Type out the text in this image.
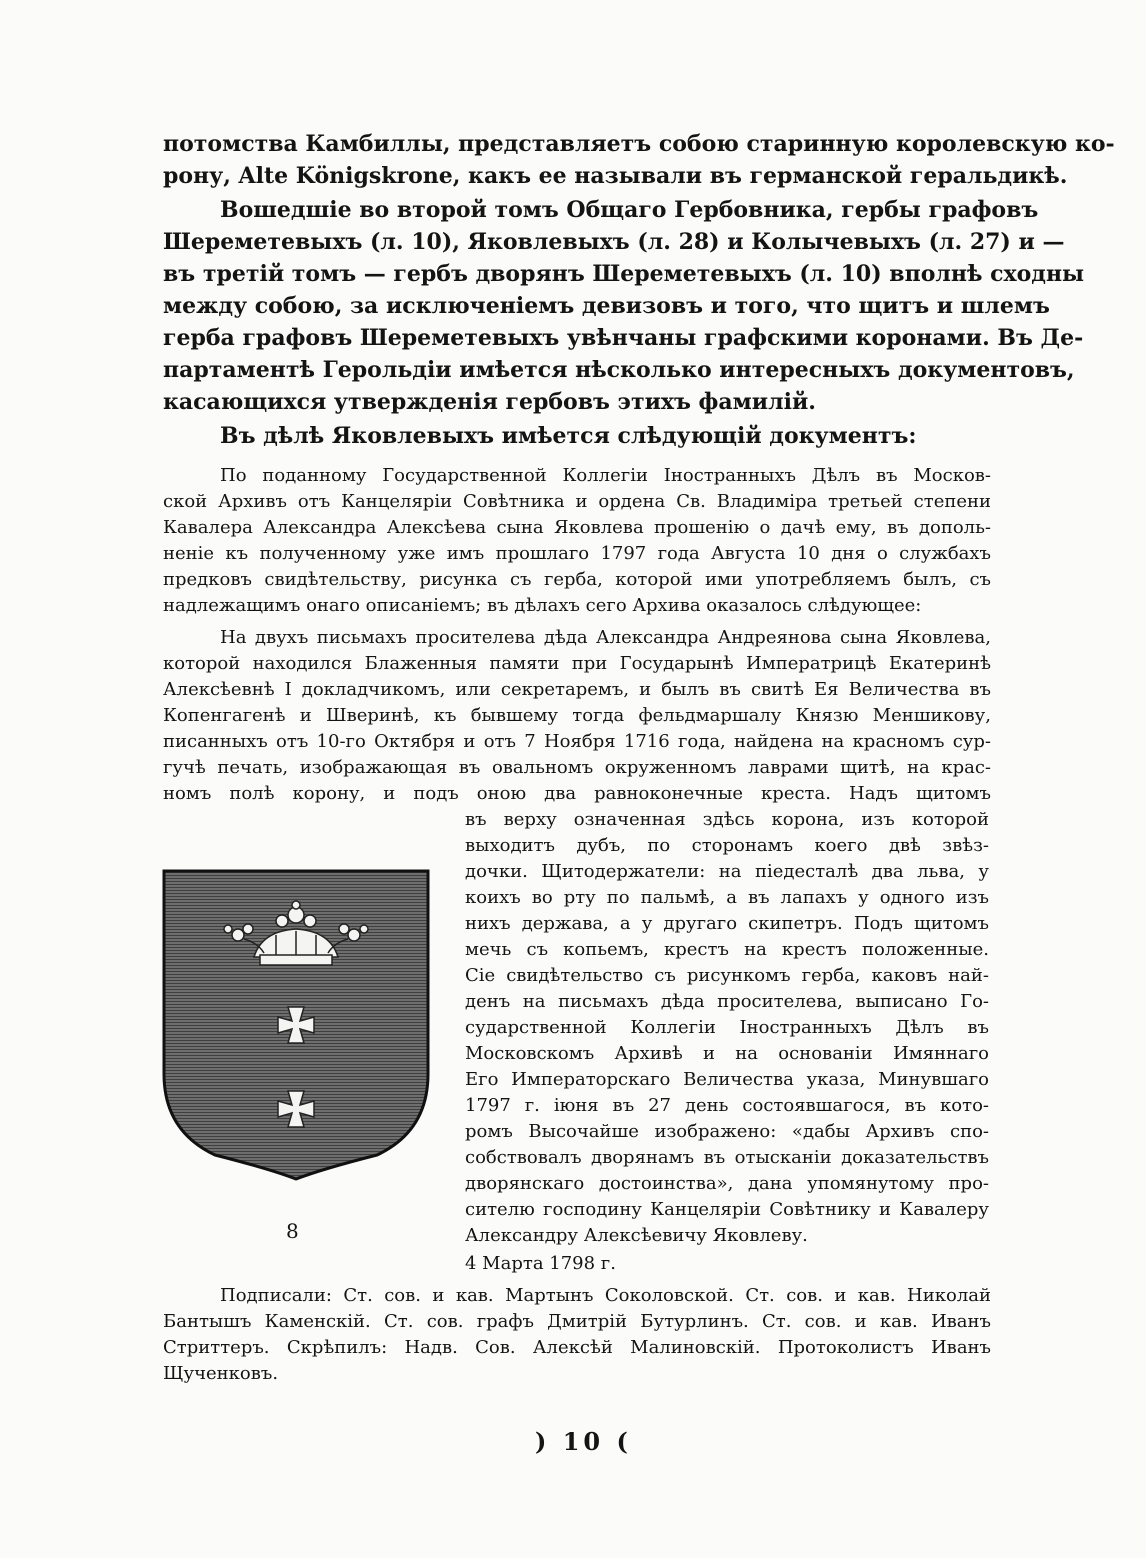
потомства Камбиллы, представляетъ собою старинную королевскую ко-
рону, Alte Königskrone, какъ ее называли въ германской геральдикѣ.
Вошедшіе во второй томъ Общаго Гербовника, гербы графовъ
Шереметевыхъ (л. 10), Яковлевыхъ (л. 28) и Колычевыхъ (л. 27) и —
въ третій томъ — гербъ дворянъ Шереметевыхъ (л. 10) вполнѣ сходны
между собою, за исключеніемъ девизовъ и того, что щитъ и шлемъ
герба графовъ Шереметевыхъ увѣнчаны графскими коронами. Въ Де-
партаментѣ Герольдіи имѣется нѣсколько интересныхъ документовъ,
касающихся утвержденія гербовъ этихъ фамилій.
Въ дѣлѣ Яковлевыхъ имѣется слѣдующій документъ:
По поданному Государственной Коллегіи Іностранныхъ Дѣлъ въ Москов-
ской Архивъ отъ Канцеляріи Совѣтника и ордена Св. Владиміра третьей степени
Кавалера Александра Алексѣева сына Яковлева прошенію о дачѣ ему, въ дополь-
неніе къ полученному уже имъ прошлаго 1797 года Августа 10 дня о службахъ
предковъ свидѣтельству, рисунка съ герба, которой ими употребляемъ былъ, съ
надлежащимъ онаго описаніемъ; въ дѣлахъ сего Архива оказалось слѣдующее:
На двухъ письмахъ просителева дѣда Александра Андреянова сына Яковлева,
которой находился Блаженныя памяти при Государынѣ Императрицѣ Екатеринѣ
Алексѣевнѣ I докладчикомъ, или секретаремъ, и былъ въ свитѣ Ея Величества въ
Копенгагенѣ и Шверинѣ, къ бывшему тогда фельдмаршалу Князю Меншикову,
писанныхъ отъ 10-го Октября и отъ 7 Ноября 1716 года, найдена на красномъ сур-
гучѣ печать, изображающая въ овальномъ окруженномъ лаврами щитѣ, на крас-
номъ полѣ корону, и подъ оною два равноконечные креста. Надъ щитомъ
въ верху означенная здѣсь корона, изъ которой
выходитъ дубъ, по сторонамъ коего двѣ звѣз-
дочки. Щитодержатели: на піедесталѣ два льва, у
коихъ во рту по пальмѣ, а въ лапахъ у одного изъ
нихъ держава, а у другаго скипетръ. Подъ щитомъ
мечь съ копьемъ, крестъ на крестъ положенные.
Сіе свидѣтельство съ рисункомъ герба, каковъ най-
денъ на письмахъ дѣда просителева, выписано Го-
сударственной Коллегіи Іностранныхъ Дѣлъ въ
Московскомъ Архивѣ и на основаніи Имяннаго
Его Императорскаго Величества указа, Минувшаго
1797 г. іюня въ 27 день состоявшагося, въ кото-
ромъ Высочайше изображено: «дабы Архивъ спо-
собствовалъ дворянамъ въ отысканіи доказательствъ
дворянскаго достоинства», дана упомянутому про-
сителю господину Канцеляріи Совѣтнику и Кавалеру
Александру Алексѣевичу Яковлеву.
4 Марта 1798 г.
8
Подписали: Ст. сов. и кав. Мартынъ Соколовской. Ст. сов. и кав. Николай
Бантышъ Каменскій. Ст. сов. графъ Дмитрій Бутурлинъ. Ст. сов. и кав. Иванъ
Стриттеръ. Скрѣпилъ: Надв. Сов. Алексѣй Малиновскій. Протоколистъ Иванъ
Щученковъ.
) 10 (
